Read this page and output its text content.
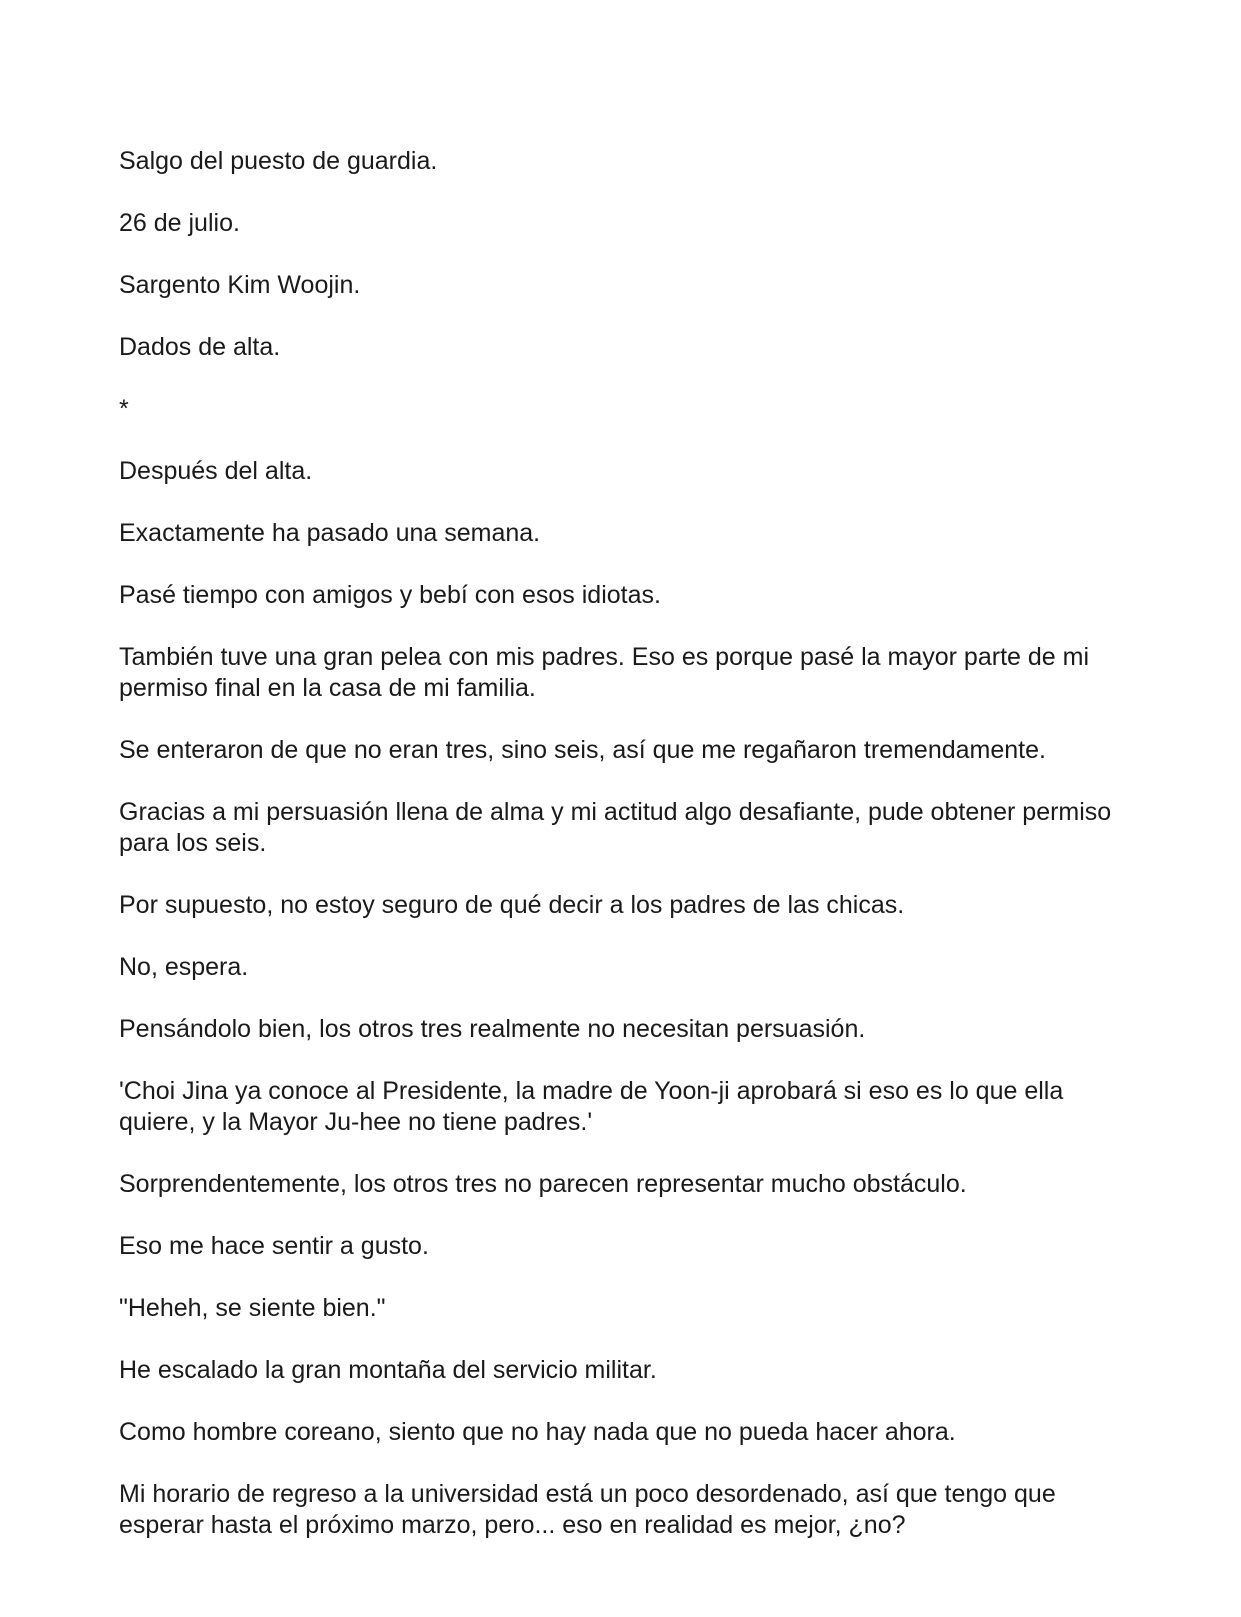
Salgo del puesto de guardia.

26 de julio.

Sargento Kim Woojin.

Dados de alta.

*

Después del alta.

Exactamente ha pasado una semana.

Pasé tiempo con amigos y bebí con esos idiotas.

También tuve una gran pelea con mis padres. Eso es porque pasé la mayor parte de mi permiso final en la casa de mi familia.

Se enteraron de que no eran tres, sino seis, así que me regañaron tremendamente.

Gracias a mi persuasión llena de alma y mi actitud algo desafiante, pude obtener permiso para los seis.

Por supuesto, no estoy seguro de qué decir a los padres de las chicas.

No, espera.

Pensándolo bien, los otros tres realmente no necesitan persuasión.

'Choi Jina ya conoce al Presidente, la madre de Yoon-ji aprobará si eso es lo que ella quiere, y la Mayor Ju-hee no tiene padres.'

Sorprendentemente, los otros tres no parecen representar mucho obstáculo.

Eso me hace sentir a gusto.

"Heheh, se siente bien."

He escalado la gran montaña del servicio militar.

Como hombre coreano, siento que no hay nada que no pueda hacer ahora.

Mi horario de regreso a la universidad está un poco desordenado, así que tengo que esperar hasta el próximo marzo, pero... eso en realidad es mejor, ¿no?
